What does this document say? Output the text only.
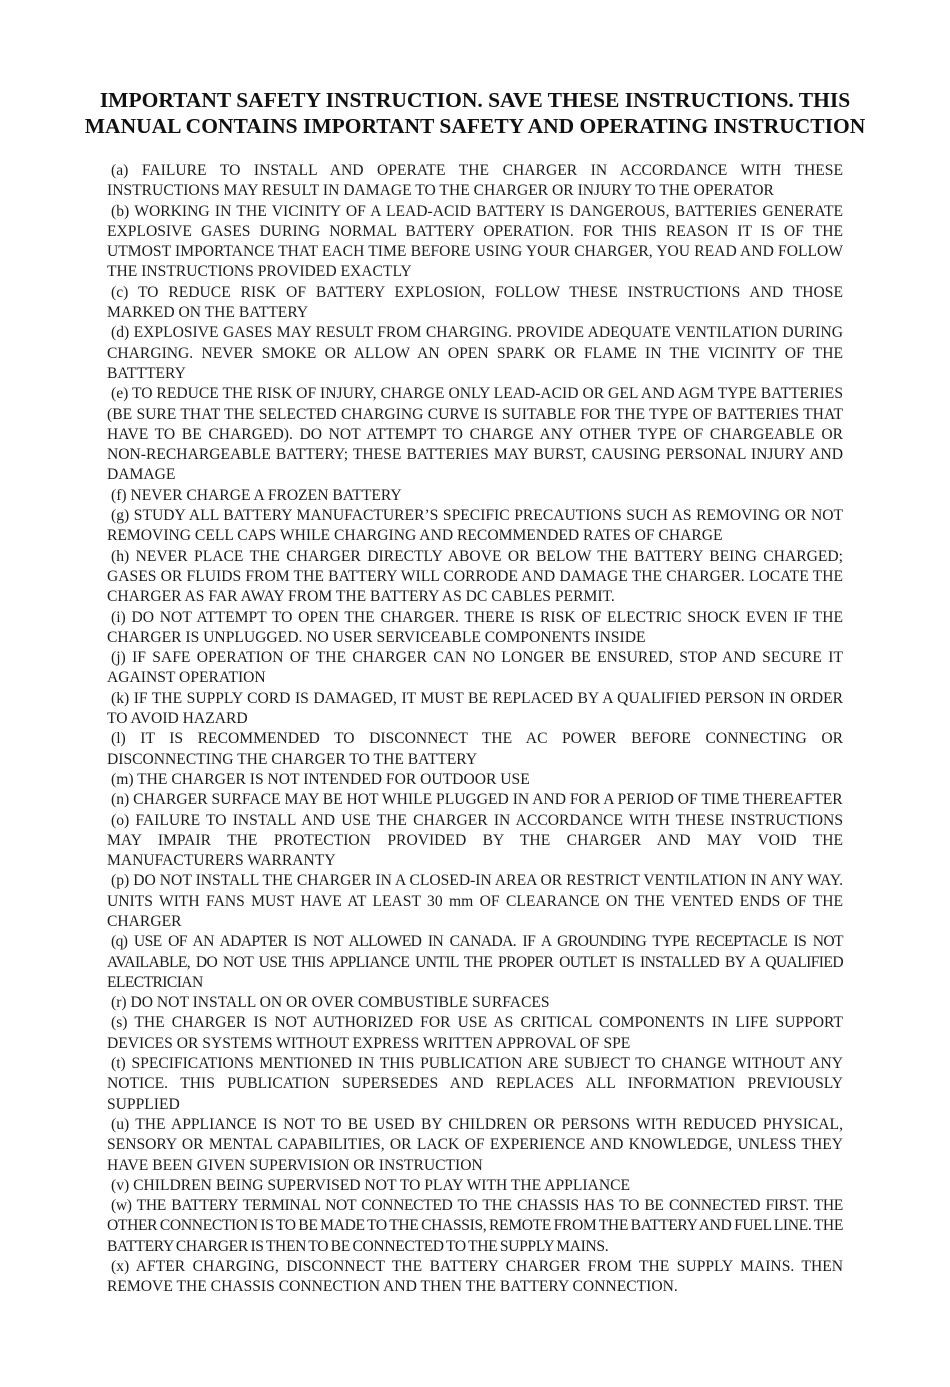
IMPORTANT SAFETY INSTRUCTION. SAVE THESE INSTRUCTIONS. THIS
MANUAL CONTAINS IMPORTANT SAFETY AND OPERATING INSTRUCTION

(a) FAILURE TO INSTALL AND OPERATE THE CHARGER IN ACCORDANCE WITH THESE INSTRUCTIONS MAY RESULT IN DAMAGE TO THE CHARGER OR INJURY TO THE OPERATOR

(b) WORKING IN THE VICINITY OF A LEAD-ACID BATTERY IS DANGEROUS, BATTERIES GENERATE EXPLOSIVE GASES DURING NORMAL BATTERY OPERATION. FOR THIS REASON IT IS OF THE UTMOST IMPORTANCE THAT EACH TIME BEFORE USING YOUR CHARGER, YOU READ AND FOLLOW THE INSTRUCTIONS PROVIDED EXACTLY

(c) TO REDUCE RISK OF BATTERY EXPLOSION, FOLLOW THESE INSTRUCTIONS AND THOSE MARKED ON THE BATTERY

(d) EXPLOSIVE GASES MAY RESULT FROM CHARGING. PROVIDE ADEQUATE VENTILATION DURING CHARGING. NEVER SMOKE OR ALLOW AN OPEN SPARK OR FLAME IN THE VICINITY OF THE BATTTERY

(e) TO REDUCE THE RISK OF INJURY, CHARGE ONLY LEAD-ACID OR GEL AND AGM TYPE BATTERIES (BE SURE THAT THE SELECTED CHARGING CURVE IS SUITABLE FOR THE TYPE OF BATTERIES THAT HAVE TO BE CHARGED). DO NOT ATTEMPT TO CHARGE ANY OTHER TYPE OF CHARGEABLE OR NON-RECHARGEABLE BATTERY; THESE BATTERIES MAY BURST, CAUSING PERSONAL INJURY AND DAMAGE

(f) NEVER CHARGE A FROZEN BATTERY

(g) STUDY ALL BATTERY MANUFACTURER’S SPECIFIC PRECAUTIONS SUCH AS REMOVING OR NOT REMOVING CELL CAPS WHILE CHARGING AND RECOMMENDED RATES OF CHARGE

(h) NEVER PLACE THE CHARGER DIRECTLY ABOVE OR BELOW THE BATTERY BEING CHARGED; GASES OR FLUIDS FROM THE BATTERY WILL CORRODE AND DAMAGE THE CHARGER. LOCATE THE CHARGER AS FAR AWAY FROM THE BATTERY AS DC CABLES PERMIT.

(i) DO NOT ATTEMPT TO OPEN THE CHARGER. THERE IS RISK OF ELECTRIC SHOCK EVEN IF THE CHARGER IS UNPLUGGED. NO USER SERVICEABLE COMPONENTS INSIDE

(j) IF SAFE OPERATION OF THE CHARGER CAN NO LONGER BE ENSURED, STOP AND SECURE IT AGAINST OPERATION

(k) IF THE SUPPLY CORD IS DAMAGED, IT MUST BE REPLACED BY A QUALIFIED PERSON IN ORDER TO AVOID HAZARD

(l) IT IS RECOMMENDED TO DISCONNECT THE AC POWER BEFORE CONNECTING OR DISCONNECTING THE CHARGER TO THE BATTERY

(m) THE CHARGER IS NOT INTENDED FOR OUTDOOR USE

(n) CHARGER SURFACE MAY BE HOT WHILE PLUGGED IN AND FOR A PERIOD OF TIME THEREAFTER

(o) FAILURE TO INSTALL AND USE THE CHARGER IN ACCORDANCE WITH THESE INSTRUCTIONS MAY IMPAIR THE PROTECTION PROVIDED BY THE CHARGER AND MAY VOID THE MANUFACTURERS WARRANTY

(p) DO NOT INSTALL THE CHARGER IN A CLOSED-IN AREA OR RESTRICT VENTILATION IN ANY WAY. UNITS WITH FANS MUST HAVE AT LEAST 30 mm OF CLEARANCE ON THE VENTED ENDS OF THE CHARGER

(q) USE OF AN ADAPTER IS NOT ALLOWED IN CANADA. IF A GROUNDING TYPE RECEPTACLE IS NOT AVAILABLE, DO NOT USE THIS APPLIANCE UNTIL THE PROPER OUTLET IS INSTALLED BY A QUALIFIED ELECTRICIAN

(r) DO NOT INSTALL ON OR OVER COMBUSTIBLE SURFACES

(s) THE CHARGER IS NOT AUTHORIZED FOR USE AS CRITICAL COMPONENTS IN LIFE SUPPORT DEVICES OR SYSTEMS WITHOUT EXPRESS WRITTEN APPROVAL OF SPE

(t) SPECIFICATIONS MENTIONED IN THIS PUBLICATION ARE SUBJECT TO CHANGE WITHOUT ANY NOTICE. THIS PUBLICATION SUPERSEDES AND REPLACES ALL INFORMATION PREVIOUSLY SUPPLIED

(u) THE APPLIANCE IS NOT TO BE USED BY CHILDREN OR PERSONS WITH REDUCED PHYSICAL, SENSORY OR MENTAL CAPABILITIES, OR LACK OF EXPERIENCE AND KNOWLEDGE, UNLESS THEY HAVE BEEN GIVEN SUPERVISION OR INSTRUCTION

(v) CHILDREN BEING SUPERVISED NOT TO PLAY WITH THE APPLIANCE

(w) THE BATTERY TERMINAL NOT CONNECTED TO THE CHASSIS HAS TO BE CONNECTED FIRST. THE OTHER CONNECTION IS TO BE MADE TO THE CHASSIS, REMOTE FROM THE BATTERY AND FUEL LINE. THE BATTERY CHARGER IS THEN TO BE CONNECTED TO THE SUPPLY MAINS.

(x) AFTER CHARGING, DISCONNECT THE BATTERY CHARGER FROM THE SUPPLY MAINS. THEN REMOVE THE CHASSIS CONNECTION AND THEN THE BATTERY CONNECTION.
